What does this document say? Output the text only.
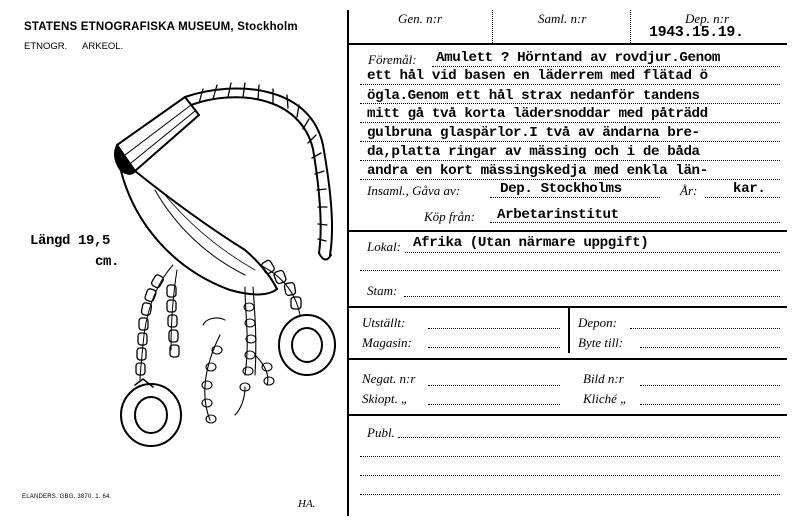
STATENS ETNOGRAFISKA MUSEUM, Stockholm
ETNOGR. ARKEOL.
Längd 19,5
cm.
Gen. n:r	Saml. n:r	Dep. n:r
1943.15.19.
Föremål: Amulett ? Hörntand av rovdjur.Genom
ett hål vid basen en läderrem med flätad ö
ögla.Genom ett hål strax nedanför tandens
mitt gå två korta lädersnoddar med påträdd
gulbruna glaspärlor.I två av ändarna bre-
da,platta ringar av mässing och i de båda
andra en kort mässingskedja med enkla län-
Insaml., Gåva av:	Dep. Stockholms	År:	kar.
Köp från: Arbetarinstitut
Lokal: Afrika (Utan närmare uppgift)
Stam:
Utställt:	Depon:
Magasin:	Byte till:
Negat. n:r	Bild n:r
Skiopt. „	Kliché „
Publ.
ELANDERS. GBG. 3870. 1. 64.
HA.
